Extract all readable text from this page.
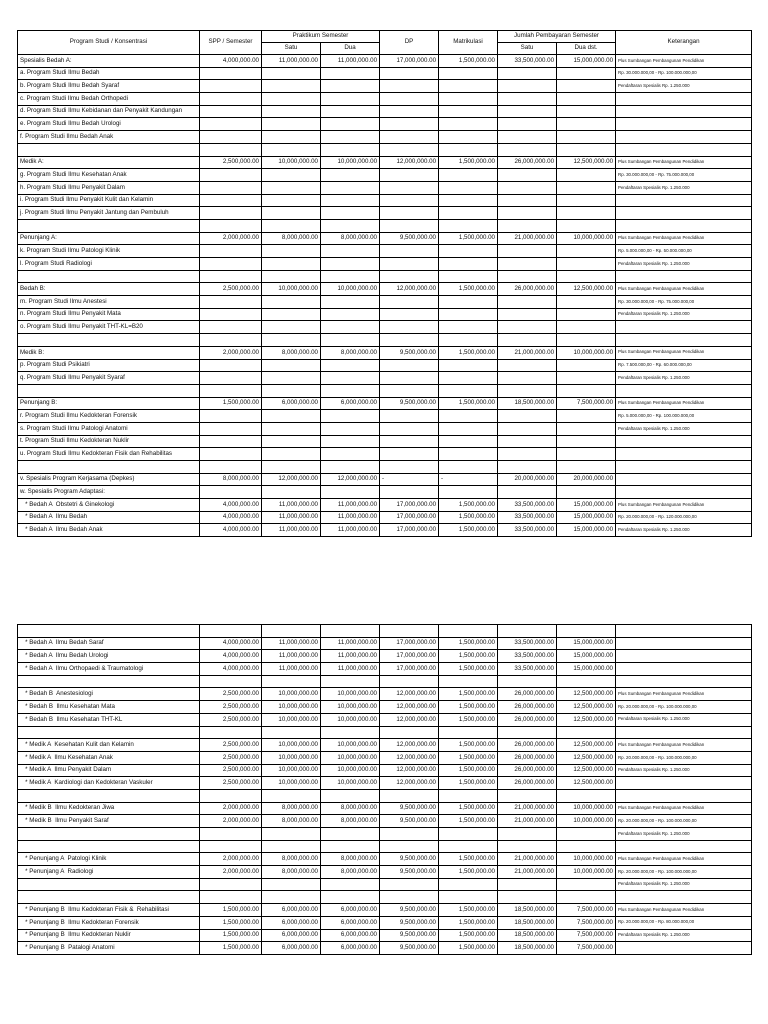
Program Studi / Konsentrasi	SPP / Semester	Praktikum Semester		DP	Matrikulasi	Jumlah Pembayaran Semester		Keterangan
		Satu	Dua			Satu	Dua dst.	
Spesialis Bedah A:	4,000,000.00	11,000,000.00	11,000,000.00	17,000,000.00	1,500,000.00	33,500,000.00	15,000,000.00	Plus Sumbangan Pembangunan Pendidikan
a. Program Studi Ilmu Bedah								Rp. 30.000.000,00 - Rp. 100.000.000,00
b. Program Studi Ilmu Bedah Syaraf								Pendaftaran Spesialis Rp. 1.250.000
c. Program Studi Ilmu Bedah Orthopedi								
d. Program Studi Ilmu Kebidanan dan Penyakit Kandungan								
e. Program Studi Ilmu Bedah Urologi								
f. Program Studi Ilmu Bedah Anak								

Medik A:	2,500,000.00	10,000,000.00	10,000,000.00	12,000,000.00	1,500,000.00	26,000,000.00	12,500,000.00	Plus Sumbangan Pembangunan Pendidikan
g. Program Studi Ilmu Kesehatan Anak								Rp. 30.000.000,00 - Rp. 75.000.000,00
h. Program Studi Ilmu Penyakit Dalam								Pendaftaran Spesialis Rp. 1.250.000
i. Program Studi Ilmu Penyakit Kulit dan Kelamin								
j. Program Studi Ilmu Penyakit Jantung dan Pembuluh								

Penunjang A:	2,000,000.00	8,000,000.00	8,000,000.00	9,500,000.00	1,500,000.00	21,000,000.00	10,000,000.00	Plus Sumbangan Pembangunan Pendidikan
k. Program Studi Ilmu Patologi Klinik								Rp. 5.000.000,00 - Rp. 50.000.000,00
l. Program Studi Radiologi								Pendaftaran Spesialis Rp. 1.250.000

Bedah B:	2,500,000.00	10,000,000.00	10,000,000.00	12,000,000.00	1,500,000.00	26,000,000.00	12,500,000.00	Plus Sumbangan Pembangunan Pendidikan
m. Program Studi Ilmu Anestesi								Rp. 30.000.000,00 - Rp. 75.000.000,00
n. Program Studi Ilmu Penyakit Mata								Pendaftaran Spesialis Rp. 1.250.000
o. Program Studi Ilmu Penyakit THT-KL=B20								

Medik B:	2,000,000.00	8,000,000.00	8,000,000.00	9,500,000.00	1,500,000.00	21,000,000.00	10,000,000.00	Plus Sumbangan Pembangunan Pendidikan
p. Program Studi Psikiatri								Rp. 7.500.000,00 - Rp. 60.000.000,00
q. Program Studi Ilmu Penyakit Syaraf								Pendaftaran Spesialis Rp. 1.250.000

Penunjang B:	1,500,000.00	6,000,000.00	6,000,000.00	9,500,000.00	1,500,000.00	18,500,000.00	7,500,000.00	Plus Sumbangan Pembangunan Pendidikan
r. Program Studi Ilmu Kedokteran Forensik								Rp. 5.000.000,00 - Rp. 100.000.000,00
s. Program Studi Ilmu Patologi Anatomi								Pendaftaran Spesialis Rp. 1.250.000
t. Program Studi Ilmu Kedokteran Nuklir								
u. Program Studi Ilmu Kedokteran Fisik dan Rehabilitas								

v. Spesialis Program Kerjasama (Depkes)	8,000,000.00	12,000,000.00	12,000,000.00	-	-	20,000,000.00	20,000,000.00	
w. Spesialis Program Adaptasi:								
* Bedah A  Obstetri & Ginekologi	4,000,000.00	11,000,000.00	11,000,000.00	17,000,000.00	1,500,000.00	33,500,000.00	15,000,000.00	Plus Sumbangan Pembangunan Pendidikan
* Bedah A  Ilmu Bedah	4,000,000.00	11,000,000.00	11,000,000.00	17,000,000.00	1,500,000.00	33,500,000.00	15,000,000.00	Rp. 20.000.000,00 - Rp. 120.000.000,00
* Bedah A  Ilmu Bedah Anak	4,000,000.00	11,000,000.00	11,000,000.00	17,000,000.00	1,500,000.00	33,500,000.00	15,000,000.00	Pendaftaran Spesialis Rp. 1.250.000

* Bedah A  Ilmu Bedah Saraf	4,000,000.00	11,000,000.00	11,000,000.00	17,000,000.00	1,500,000.00	33,500,000.00	15,000,000.00	
* Bedah A  Ilmu Bedah Urologi	4,000,000.00	11,000,000.00	11,000,000.00	17,000,000.00	1,500,000.00	33,500,000.00	15,000,000.00	
* Bedah A  Ilmu Orthopaedi & Traumatologi	4,000,000.00	11,000,000.00	11,000,000.00	17,000,000.00	1,500,000.00	33,500,000.00	15,000,000.00	

* Bedah B  Anestesiologi	2,500,000.00	10,000,000.00	10,000,000.00	12,000,000.00	1,500,000.00	26,000,000.00	12,500,000.00	Plus Sumbangan Pembangunan Pendidikan
* Bedah B  Ilmu Kesehatan Mata	2,500,000.00	10,000,000.00	10,000,000.00	12,000,000.00	1,500,000.00	26,000,000.00	12,500,000.00	Rp. 20.000.000,00 - Rp. 100.000.000,00
* Bedah B  Ilmu Kesehatan THT-KL	2,500,000.00	10,000,000.00	10,000,000.00	12,000,000.00	1,500,000.00	26,000,000.00	12,500,000.00	Pendaftaran Spesialis Rp. 1.250.000

* Medik A  Kesehatan Kulit dan Kelamin	2,500,000.00	10,000,000.00	10,000,000.00	12,000,000.00	1,500,000.00	26,000,000.00	12,500,000.00	Plus Sumbangan Pembangunan Pendidikan
* Medik A  Ilmu Kesehatan Anak	2,500,000.00	10,000,000.00	10,000,000.00	12,000,000.00	1,500,000.00	26,000,000.00	12,500,000.00	Rp. 20.000.000,00 - Rp. 100.000.000,00
* Medik A  Ilmu Penyakit Dalam	2,500,000.00	10,000,000.00	10,000,000.00	12,000,000.00	1,500,000.00	26,000,000.00	12,500,000.00	Pendaftaran Spesialis Rp. 1.250.000
* Medik A  Kardiologi dan Kedokteran Vaskuler	2,500,000.00	10,000,000.00	10,000,000.00	12,000,000.00	1,500,000.00	26,000,000.00	12,500,000.00	

* Medik B  Ilmu Kedokteran Jiwa	2,000,000.00	8,000,000.00	8,000,000.00	9,500,000.00	1,500,000.00	21,000,000.00	10,000,000.00	Plus Sumbangan Pembangunan Pendidikan
* Medik B  Ilmu Penyakit Saraf	2,000,000.00	8,000,000.00	8,000,000.00	9,500,000.00	1,500,000.00	21,000,000.00	10,000,000.00	Rp. 20.000.000,00 - Rp. 100.000.000,00
								Pendaftaran Spesialis Rp. 1.250.000

* Penunjang A  Patologi Klinik	2,000,000.00	8,000,000.00	8,000,000.00	9,500,000.00	1,500,000.00	21,000,000.00	10,000,000.00	Plus Sumbangan Pembangunan Pendidikan
* Penunjang A  Radiologi	2,000,000.00	8,000,000.00	8,000,000.00	9,500,000.00	1,500,000.00	21,000,000.00	10,000,000.00	Rp. 20.000.000,00 - Rp. 100.000.000,00
								Pendaftaran Spesialis Rp. 1.250.000

* Penunjang B  Ilmu Kedokteran Fisik &  Rehabilitasi	1,500,000.00	6,000,000.00	6,000,000.00	9,500,000.00	1,500,000.00	18,500,000.00	7,500,000.00	Plus Sumbangan Pembangunan Pendidikan
* Penunjang B  Ilmu Kedokteran Forensik	1,500,000.00	6,000,000.00	6,000,000.00	9,500,000.00	1,500,000.00	18,500,000.00	7,500,000.00	Rp. 20.000.000,00 - Rp. 80.000.000,00
* Penunjang B  Ilmu Kedokteran Nuklir	1,500,000.00	6,000,000.00	6,000,000.00	9,500,000.00	1,500,000.00	18,500,000.00	7,500,000.00	Pendaftaran Spesialis Rp. 1.250.000
* Penunjang B  Patalogi Anatomi	1,500,000.00	6,000,000.00	6,000,000.00	9,500,000.00	1,500,000.00	18,500,000.00	7,500,000.00	
